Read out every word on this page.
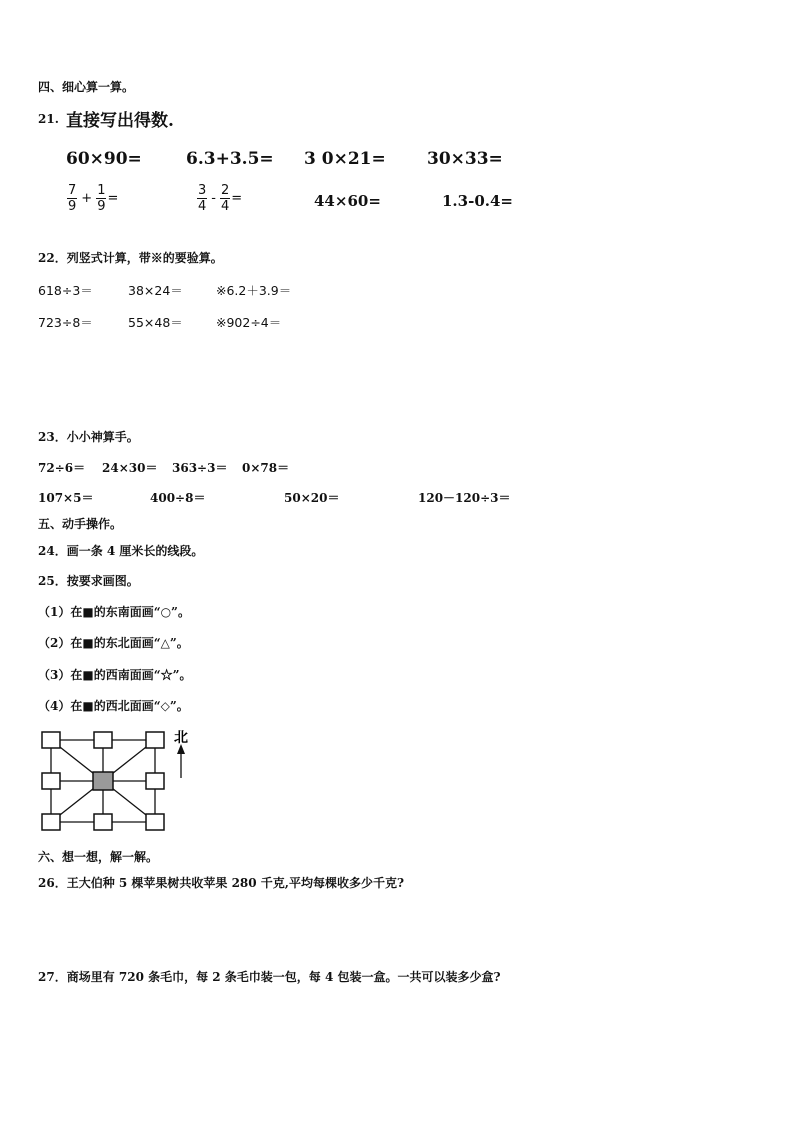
四、细心算一算。
21. 直接写出得数.
60×90=	6.3+3.5= 3 0×21= 30×33=
$\frac{7}{9} + \frac{1}{9}$ =	$\frac{3}{4} - \frac{2}{4}$ =	44×60=	1.3-0.4=
22．列竖式计算，带※的要验算。
618÷3＝	38×24＝	※6.2＋3.9＝
723÷8＝	55×48＝	※902÷4＝
23．小小神算手。
72÷6＝ 24×30＝ 363÷3＝ 0×78＝
107×5＝	400÷8＝	50×20＝	120－120÷3＝
五、动手操作。
24．画一条 4 厘米长的线段。
25．按要求画图。
（1）在■的东南面画“○”。
（2）在■的东北面画“△”。
（3）在■的西南面画“☆”。
（4）在■的西北面画“◇”。
北
六、想一想，解一解。
26．王大伯种 5 棵苹果树共收苹果 280 千克,平均每棵收多少千克?
27．商场里有 720 条毛巾，每 2 条毛巾装一包，每 4 包装一盒。一共可以装多少盒?
